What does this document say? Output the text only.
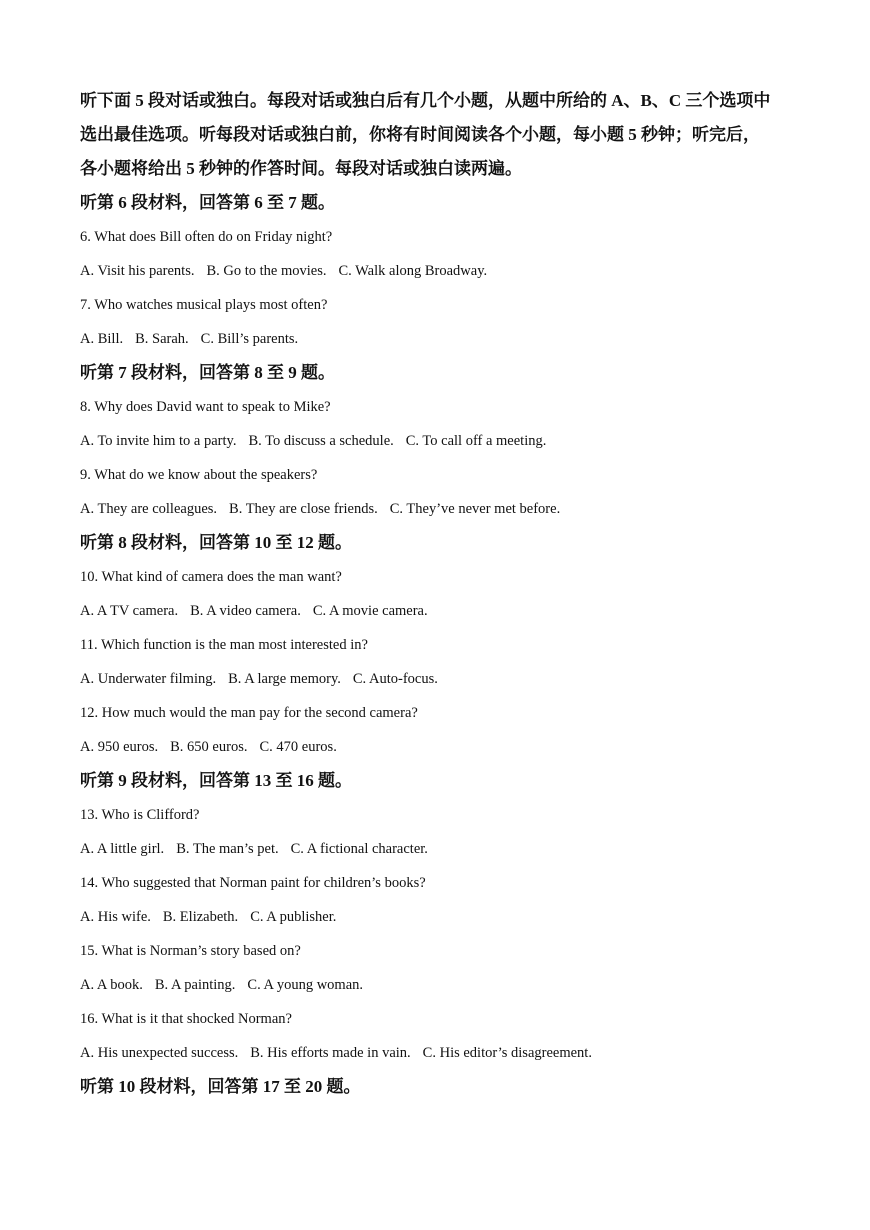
听下面 5 段对话或独白。每段对话或独白后有几个小题，从题中所给的 A、B、C 三个选项中
选出最佳选项。听每段对话或独白前，你将有时间阅读各个小题，每小题 5 秒钟；听完后，
各小题将给出 5 秒钟的作答时间。每段对话或独白读两遍。

听第 6 段材料，回答第 6 至 7 题。

6. What does Bill often do on Friday night?

A. Visit his parents. B. Go to the movies. C. Walk along Broadway.

7. Who watches musical plays most often?

A. Bill. B. Sarah. C. Bill’s parents.

听第 7 段材料，回答第 8 至 9 题。

8. Why does David want to speak to Mike?

A. To invite him to a party. B. To discuss a schedule. C. To call off a meeting.

9. What do we know about the speakers?

A. They are colleagues. B. They are close friends. C. They’ve never met before.

听第 8 段材料，回答第 10 至 12 题。

10. What kind of camera does the man want?

A. A TV camera. B. A video camera. C. A movie camera.

11. Which function is the man most interested in?

A. Underwater filming. B. A large memory. C. Auto-focus.

12. How much would the man pay for the second camera?

A. 950 euros. B. 650 euros. C. 470 euros.

听第 9 段材料，回答第 13 至 16 题。

13. Who is Clifford?

A. A little girl. B. The man’s pet. C. A fictional character.

14. Who suggested that Norman paint for children’s books?

A. His wife. B. Elizabeth. C. A publisher.

15. What is Norman’s story based on?

A. A book. B. A painting. C. A young woman.

16. What is it that shocked Norman?

A. His unexpected success. B. His efforts made in vain. C. His editor’s disagreement.

听第 10 段材料，回答第 17 至 20 题。
